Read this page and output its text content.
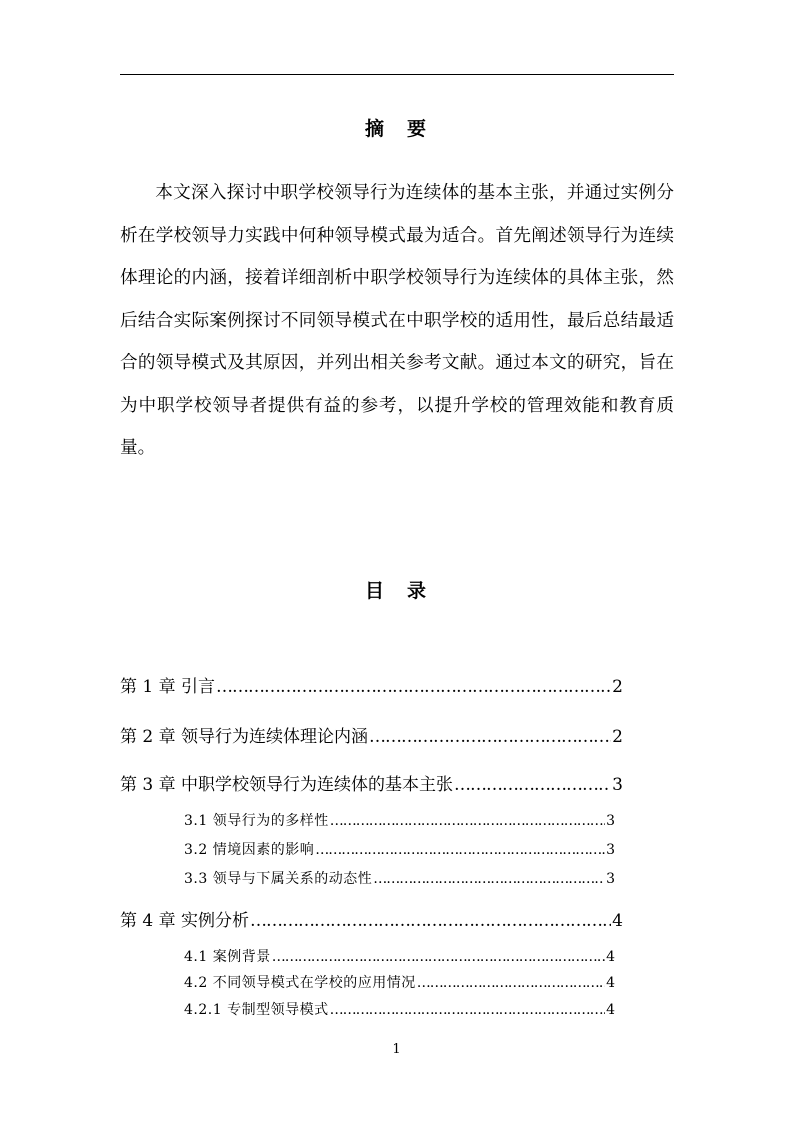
摘　要

本文深入探讨中职学校领导行为连续体的基本主张，并通过实例分析在学校领导力实践中何种领导模式最为适合。首先阐述领导行为连续体理论的内涵，接着详细剖析中职学校领导行为连续体的具体主张，然后结合实际案例探讨不同领导模式在中职学校的适用性，最后总结最适合的领导模式及其原因，并列出相关参考文献。通过本文的研究，旨在为中职学校领导者提供有益的参考，以提升学校的管理效能和教育质量。

目　录
第 1 章 引言 …………………………………………………………………………………………………………………………………………………	2
第 2 章 领导行为连续体理论内涵 …………………………………………………………………………………………………………………………………………………	2
第 3 章 中职学校领导行为连续体的基本主张 …………………………………………………………………………………………………………………………………………………	3
3.1 领导行为的多样性 …………………………………………………………………………………………………………………………………………………	3
3.2 情境因素的影响 …………………………………………………………………………………………………………………………………………………	3
3.3 领导与下属关系的动态性 …………………………………………………………………………………………………………………………………………………	3
第 4 章 实例分析 …………………………………………………………………………………………………………………………………………………	4
4.1 案例背景 …………………………………………………………………………………………………………………………………………………	4
4.2 不同领导模式在学校的应用情况 …………………………………………………………………………………………………………………………………………………	4
4.2.1 专制型领导模式 …………………………………………………………………………………………………………………………………………………	4
1
